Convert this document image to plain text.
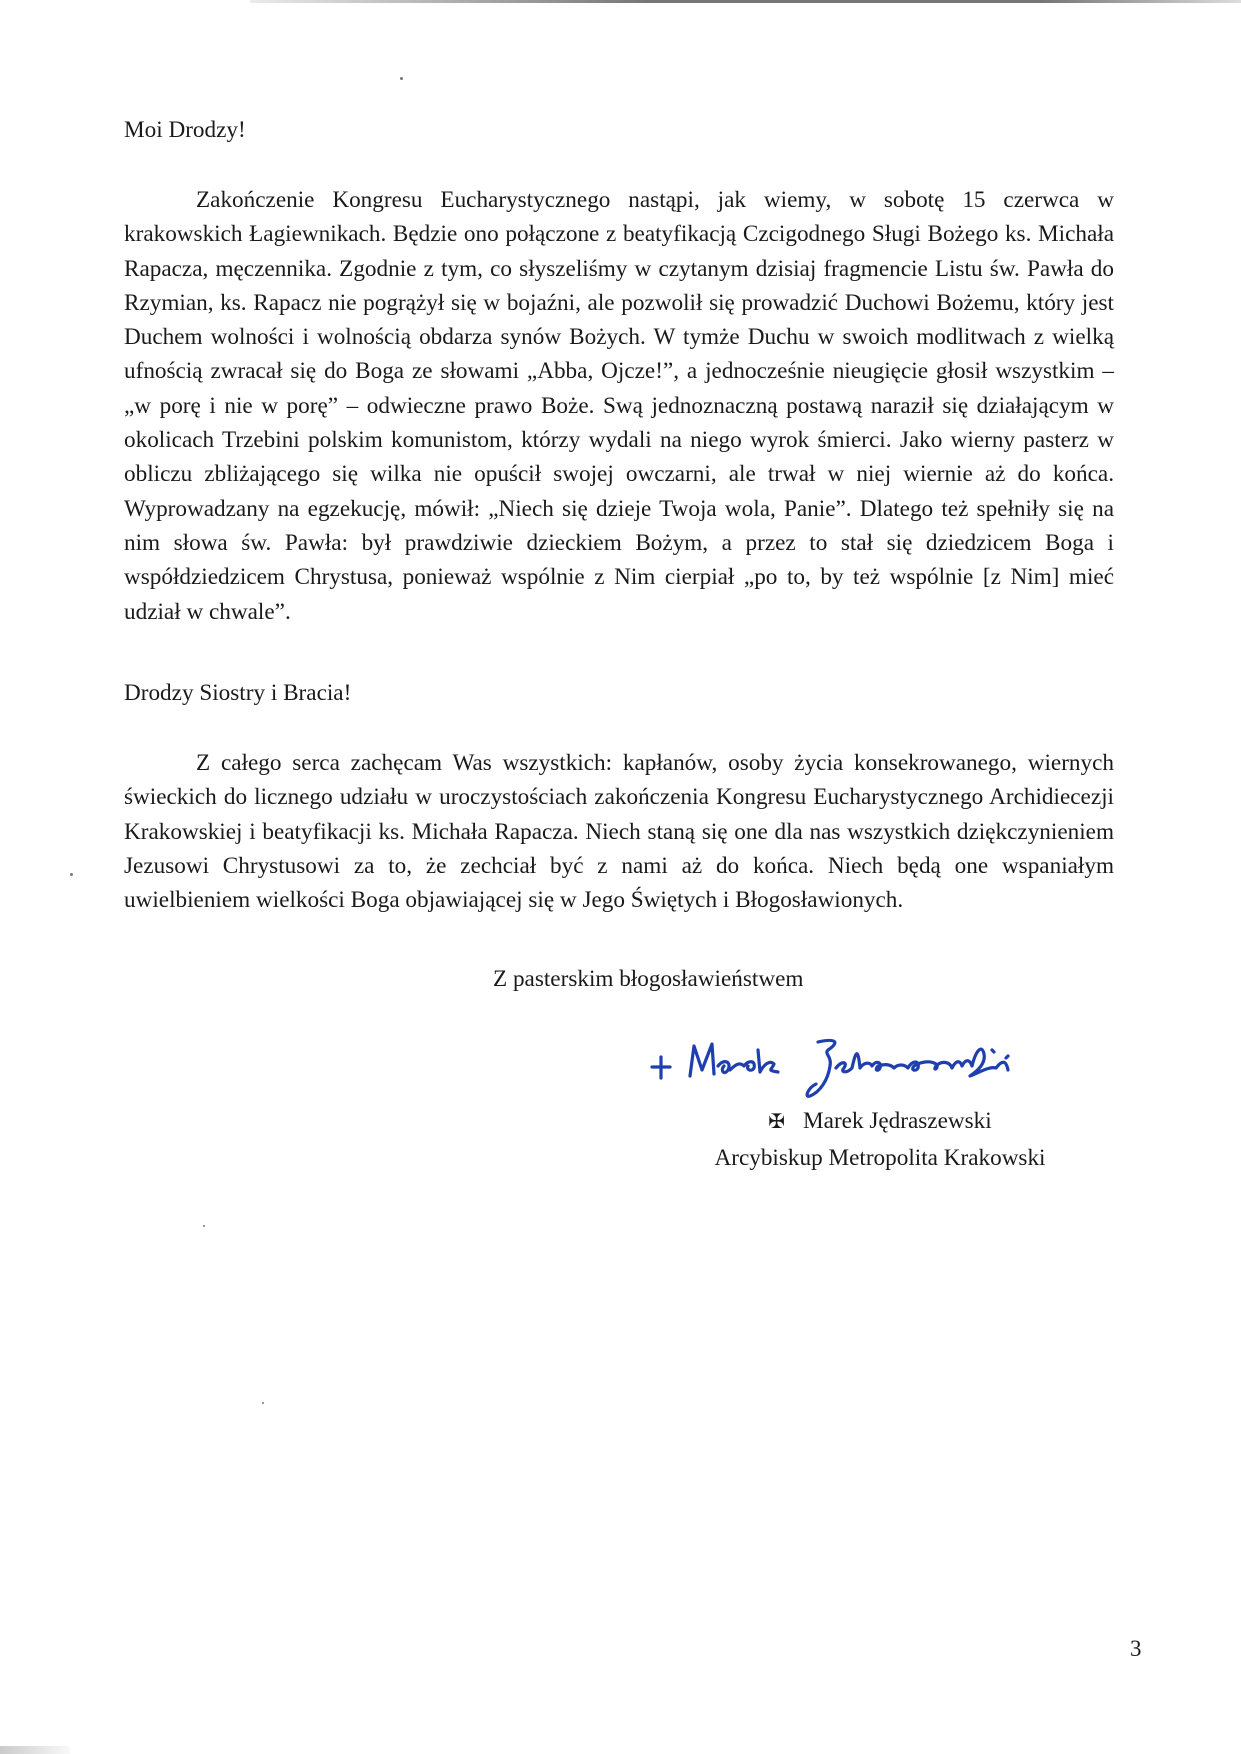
Moi Drodzy!

Zakończenie Kongresu Eucharystycznego nastąpi, jak wiemy, w sobotę 15 czerwca w krakowskich Łagiewnikach. Będzie ono połączone z beatyfikacją Czcigodnego Sługi Bożego ks. Michała Rapacza, męczennika. Zgodnie z tym, co słyszeliśmy w czytanym dzisiaj fragmencie Listu św. Pawła do Rzymian, ks. Rapacz nie pogrążył się w bojaźni, ale pozwolił się prowadzić Duchowi Bożemu, który jest Duchem wolności i wolnością obdarza synów Bożych. W tymże Duchu w swoich modlitwach z wielką ufnością zwracał się do Boga ze słowami „Abba, Ojcze!”, a jednocześnie nieugięcie głosił wszystkim – „w porę i nie w porę” – odwieczne prawo Boże. Swą jednoznaczną postawą naraził się działającym w okolicach Trzebini polskim komunistom, którzy wydali na niego wyrok śmierci. Jako wierny pasterz w obliczu zbliżającego się wilka nie opuścił swojej owczarni, ale trwał w niej wiernie aż do końca. Wyprowadzany na egzekucję, mówił: „Niech się dzieje Twoja wola, Panie”. Dlatego też spełniły się na nim słowa św. Pawła: był prawdziwie dzieckiem Bożym, a przez to stał się dziedzicem Boga i współdziedzicem Chrystusa, ponieważ wspólnie z Nim cierpiał „po to, by też wspólnie [z Nim] mieć udział w chwale”.

Drodzy Siostry i Bracia!

Z całego serca zachęcam Was wszystkich: kapłanów, osoby życia konsekrowanego, wiernych świeckich do licznego udziału w uroczystościach zakończenia Kongresu Eucharystycznego Archidiecezji Krakowskiej i beatyfikacji ks. Michała Rapacza. Niech staną się one dla nas wszystkich dziękczynieniem Jezusowi Chrystusowi za to, że zechciał być z nami aż do końca. Niech będą one wspaniałym uwielbieniem wielkości Boga objawiającej się w Jego Świętych i Błogosławionych.

Z pasterskim błogosławieństwem
✠ Marek Jędraszewski
Arcybiskup Metropolita Krakowski
3
